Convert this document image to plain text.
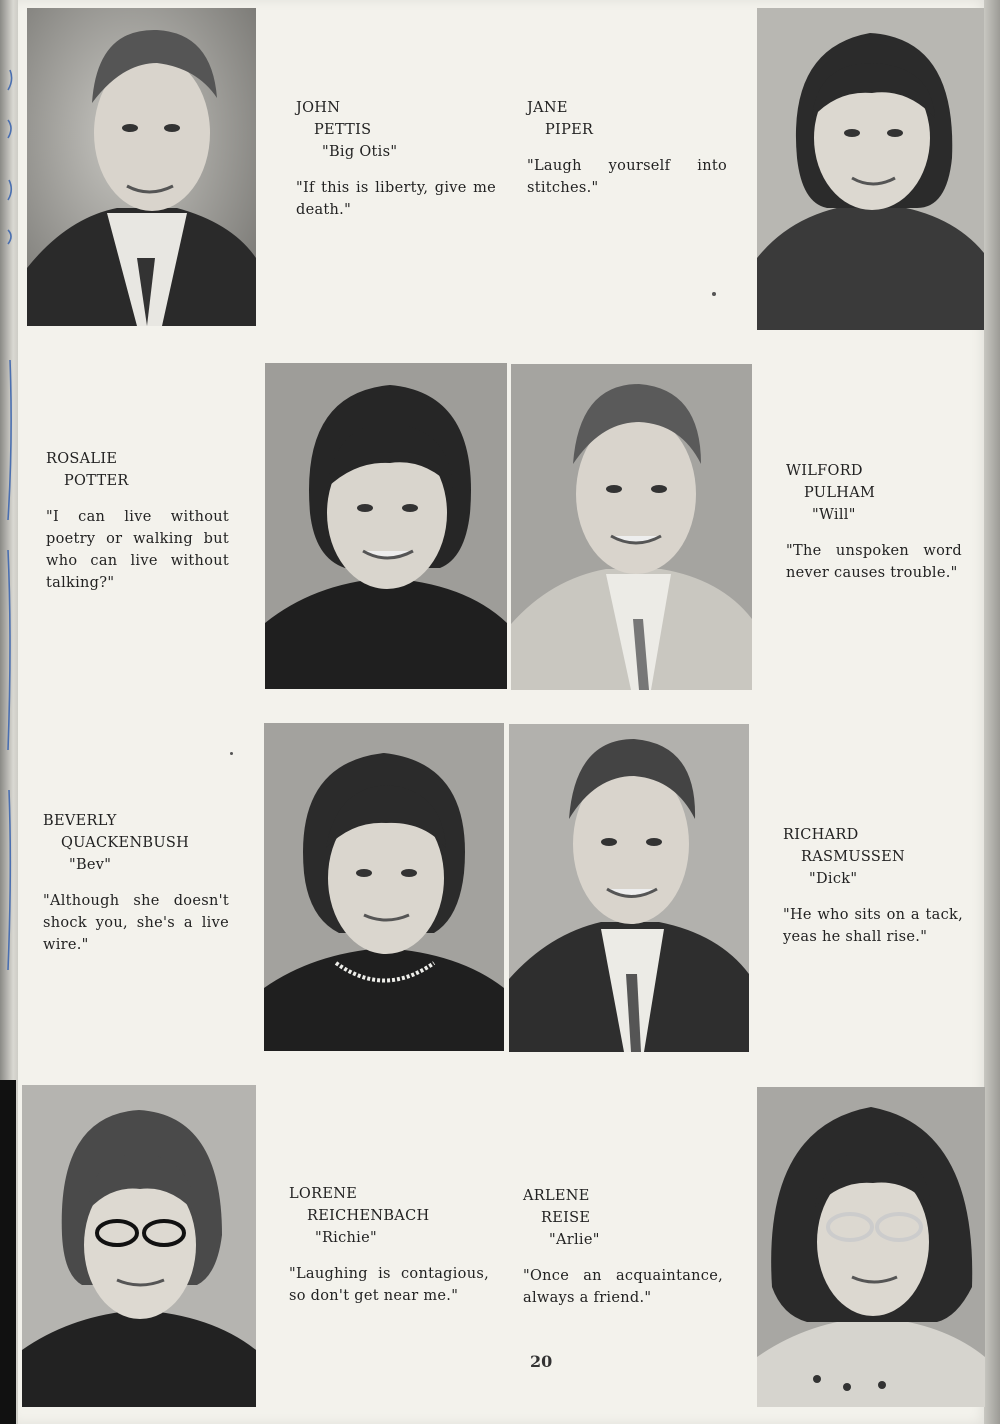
JOHN
PETTIS
"Big Otis"
"If this is liberty, give me death."
JANE
PIPER
"Laugh yourself into stitches."
ROSALIE
POTTER
"I can live without poetry or walking but who can live without talking?"
WILFORD
PULHAM
"Will"
"The unspoken word never causes trouble."
BEVERLY
QUACKENBUSH
"Bev"
"Although she doesn't shock you, she's a live wire."
RICHARD
RASMUSSEN
"Dick"
"He who sits on a tack, yeas he shall rise."
LORENE
REICHENBACH
"Richie"
"Laughing is contagious, so don't get near me."
ARLENE
REISE
"Arlie"
"Once an acquaintance, always a friend."
20
